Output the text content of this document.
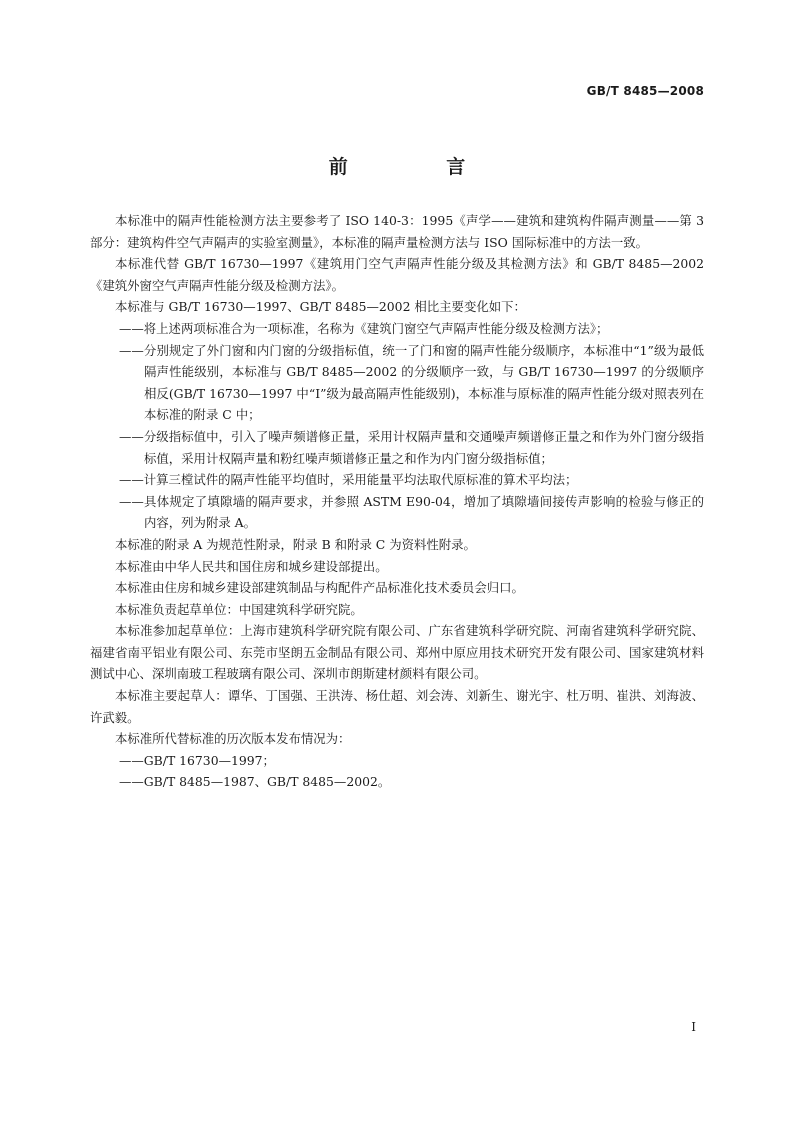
GB/T 8485—2008
前 言

本标准中的隔声性能检测方法主要参考了 ISO 140-3：1995《声学——建筑和建筑构件隔声测量——第 3 部分：建筑构件空气声隔声的实验室测量》，本标准的隔声量检测方法与 ISO 国际标准中的方法一致。

本标准代替 GB/T 16730—1997《建筑用门空气声隔声性能分级及其检测方法》和 GB/T 8485—2002《建筑外窗空气声隔声性能分级及检测方法》。

本标准与 GB/T 16730—1997、GB/T 8485—2002 相比主要变化如下：

——将上述两项标准合为一项标准，名称为《建筑门窗空气声隔声性能分级及检测方法》；

——分别规定了外门窗和内门窗的分级指标值，统一了门和窗的隔声性能分级顺序，本标准中“1”级为最低隔声性能级别，本标准与 GB/T 8485—2002 的分级顺序一致，与 GB/T 16730—1997 的分级顺序相反(GB/T 16730—1997 中“Ⅰ”级为最高隔声性能级别)，本标准与原标准的隔声性能分级对照表列在本标准的附录 C 中；

——分级指标值中，引入了噪声频谱修正量，采用计权隔声量和交通噪声频谱修正量之和作为外门窗分级指标值，采用计权隔声量和粉红噪声频谱修正量之和作为内门窗分级指标值；

——计算三樘试件的隔声性能平均值时，采用能量平均法取代原标准的算术平均法；

——具体规定了填隙墙的隔声要求，并参照 ASTM E90-04，增加了填隙墙间接传声影响的检验与修正的内容，列为附录 A。

本标准的附录 A 为规范性附录，附录 B 和附录 C 为资料性附录。

本标准由中华人民共和国住房和城乡建设部提出。

本标准由住房和城乡建设部建筑制品与构配件产品标准化技术委员会归口。

本标准负责起草单位：中国建筑科学研究院。

本标准参加起草单位：上海市建筑科学研究院有限公司、广东省建筑科学研究院、河南省建筑科学研究院、福建省南平铝业有限公司、东莞市坚朗五金制品有限公司、郑州中原应用技术研究开发有限公司、国家建筑材料测试中心、深圳南玻工程玻璃有限公司、深圳市朗斯建材颜料有限公司。

本标准主要起草人：谭华、丁国强、王洪涛、杨仕超、刘会涛、刘新生、谢光宇、杜万明、崔洪、刘海波、许武毅。

本标准所代替标准的历次版本发布情况为：

——GB/T 16730—1997；

——GB/T 8485—1987、GB/T 8485—2002。

I
